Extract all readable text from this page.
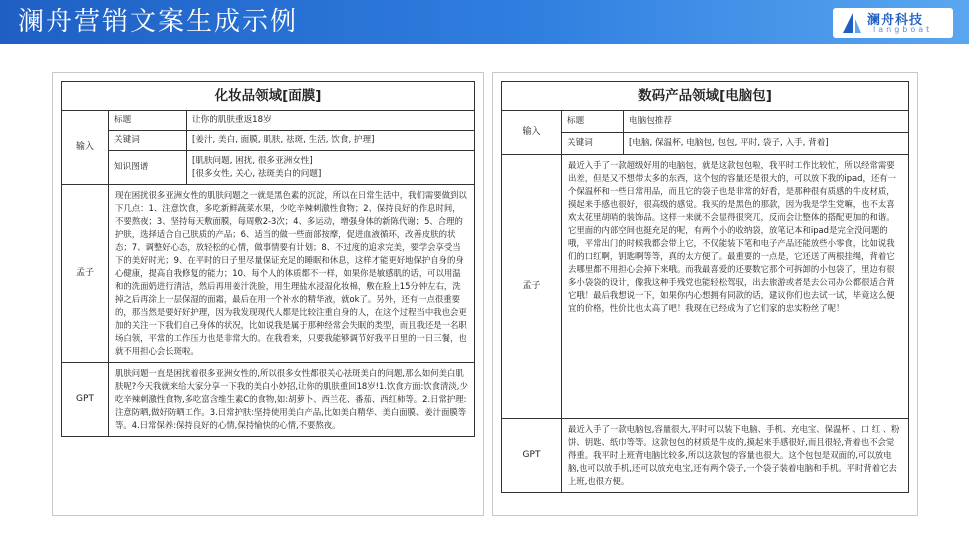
澜舟营销文案生成示例	澜舟科技
langboat
化妆品领域[面膜]		
输入	标题	让你的肌肤重返18岁
	关键词	[姜汁, 美白, 面膜, 肌肤, 祛斑, 生活, 饮食, 护理]
	知识图谱	[肌肤问题, 困扰, 很多亚洲女性]
[很多女性, 关心, 祛斑美白的问题]

孟子	现在困扰很多亚洲女性的肌肤问题之一就是黑色素的沉淀，所以在日常生活中，我们需要做到以下几点：1、注意饮食，多吃新鲜蔬菜水果，少吃辛辣刺激性食物；2、保持良好的作息时间，不要熬夜；3、坚持每天敷面膜，每周敷2-3次；4、多运动，增强身体的新陈代谢；5、合理的护肤，选择适合自己肤质的产品；6、适当的做一些面部按摩，促进血液循环，改善皮肤的状态；7、调整好心态，放轻松的心情，做事情要有计划；8、不过度的追求完美，要学会享受当下的美好时光；9、在平时的日子里尽量保证充足的睡眠和休息，这样才能更好地保护自身的身心健康，提高自我修复的能力；10、每个人的体质都不一样，如果你是敏感肌的话，可以用温和的洗面奶进行清洁，然后再用姜汁洗脸，用生理盐水浸湿化妆棉，敷在脸上15分钟左右，洗掉之后再涂上一层保湿的面霜，最后在用一个补水的精华液，就ok了。另外，还有一点很重要的，那当然是要好好护理，因为我发现现代人都是比较注重自身的人，在这个过程当中我也会更加的关注一下我们自己身体的状况，比如说我是属于那种经常会失眠的类型，而且我还是一名职场白领，平常的工作压力也是非常大的。在我看来，只要我能够调节好我平日里的一日三餐，也就不用担心会长斑啦。	
GPT	肌肤问题一直是困扰着很多亚洲女性的,所以很多女性都很关心祛斑美白的问题,那么如何美白肌肤呢?今天我就来给大家分享一下我的美白小妙招,让你的肌肤重回18岁!1.饮食方面:饮食清淡,少吃辛辣刺激性食物,多吃富含维生素C的食物,如:胡萝卜、西兰花、番茄、西红柿等。2.日常护理:注意防晒,做好防晒工作。3.日常护肤:坚持使用美白产品,比如美白精华、美白面膜、姜汁面膜等等。4.日常保养:保持良好的心情,保持愉快的心情,不要熬夜。	
数码产品领域[电脑包]		
输入	标题	电脑包推荐
	关键词	[电脑, 保温杯, 电脑包, 包包, 平时, 袋子, 入手, 背着]
孟子	最近入手了一款超级好用的电脑包，就是这款包包啦，我平时工作比较忙，所以经常需要出差，但是又不想带太多的东西，这个包的容量还是很大的，可以放下我的ipad，还有一个保温杯和一些日常用品，而且它的袋子也是非常的好看，是那种很有质感的牛皮材质，摸起来手感也很好，很高级的感觉。我买的是黑色的那款，因为我是学生党嘛，也不太喜欢太花里胡哨的装饰品。这样一来就不会显得很突兀，反而会让整体的搭配更加的和谐。它里面的内部空间也挺充足的呢，有两个小的收纳袋，放笔记本和ipad是完全没问题的哦，平常出门的时候我都会带上它，不仅能装下笔和电子产品还能放些小零食，比如说我们的口红啊，钥匙啊等等，真的太方便了。最重要的一点是，它还送了两根挂绳，背着它去哪里都不用担心会掉下来哦。而我最喜爱的还要数它那个可拆卸的小包袋了，里边有很多小袋袋的设计，像我这种手残党也能轻松驾驭，出去旅游或者是去公司办公都很适合背它哦！最后我想说一下，如果你内心想拥有同款的话，建议你们也去试一试，毕竟这么便宜的价格，性价比也太高了吧！我现在已经成为了它们家的忠实粉丝了呢！	
GPT	最近入手了一款电脑包,容量很大,平时可以装下电脑、手机、充电宝、保温杯 、口 红 、粉饼、钥匙、纸巾等等。这款包包的材质是牛皮的,摸起来手感很好,而且很轻,背着也不会觉得重。我平时上班背电脑比较多,所以这款包的容量也很大。这个包包是双面的,可以放电脑,也可以放手机,还可以放充电宝,还有两个袋子,一个袋子装着电脑和手机。平时背着它去上班,也很方便。	
